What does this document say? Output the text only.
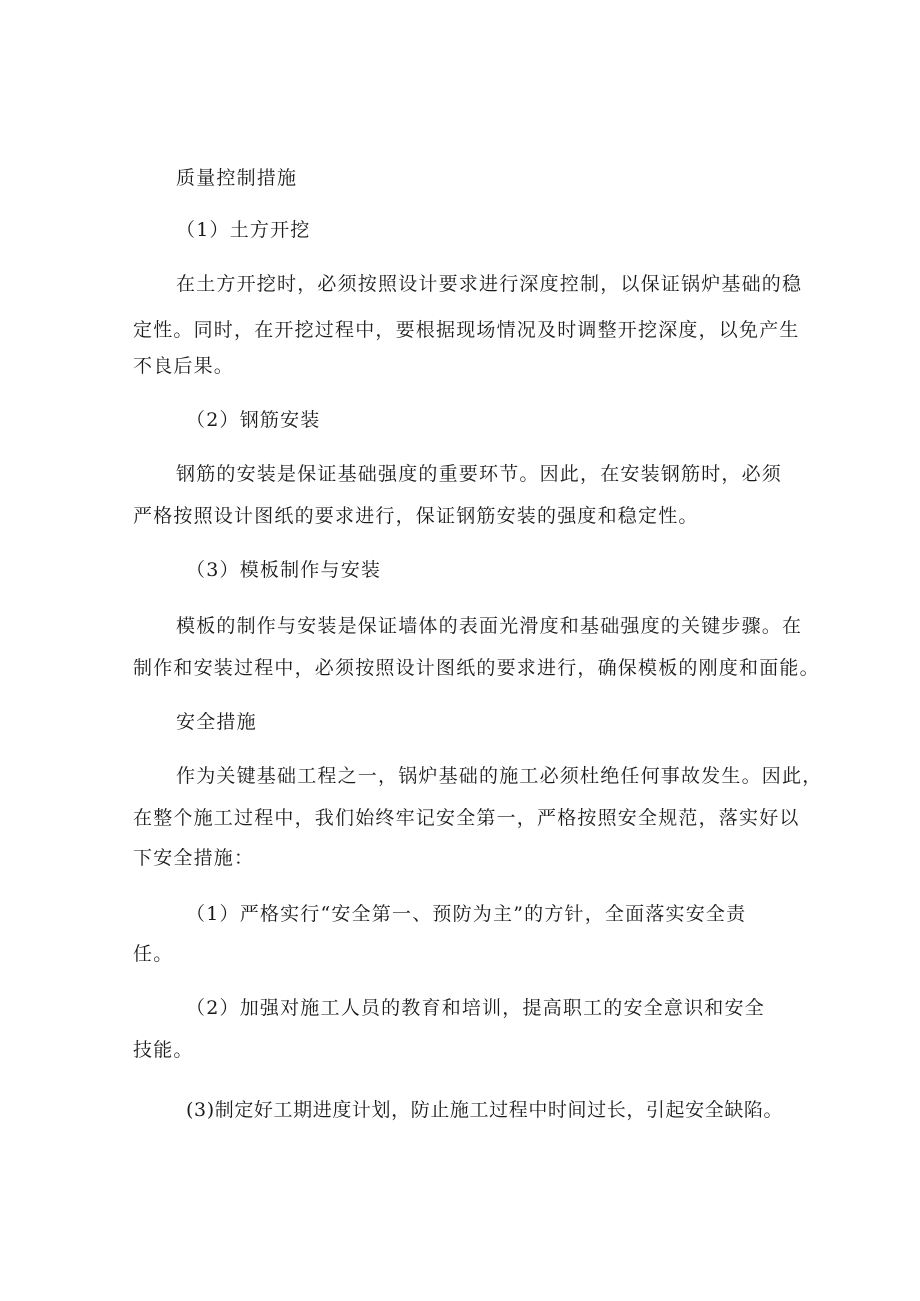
质量控制措施
（1）土方开挖
在土方开挖时，必须按照设计要求进行深度控制，以保证锅炉基础的稳
定性。同时，在开挖过程中，要根据现场情况及时调整开挖深度，以免产生
不良后果。
（2）钢筋安装
钢筋的安装是保证基础强度的重要环节。因此，在安装钢筋时，必须
严格按照设计图纸的要求进行，保证钢筋安装的强度和稳定性。
（3）模板制作与安装
模板的制作与安装是保证墙体的表面光滑度和基础强度的关键步骤。在
制作和安装过程中，必须按照设计图纸的要求进行，确保模板的刚度和面能。
安全措施
作为关键基础工程之一，锅炉基础的施工必须杜绝任何事故发生。因此，
在整个施工过程中，我们始终牢记安全第一，严格按照安全规范，落实好以
下安全措施：
（1）严格实行“安全第一、预防为主”的方针，全面落实安全责
任。
（2）加强对施工人员的教育和培训，提高职工的安全意识和安全
技能。
(3)制定好工期进度计划，防止施工过程中时间过长，引起安全缺陷。
